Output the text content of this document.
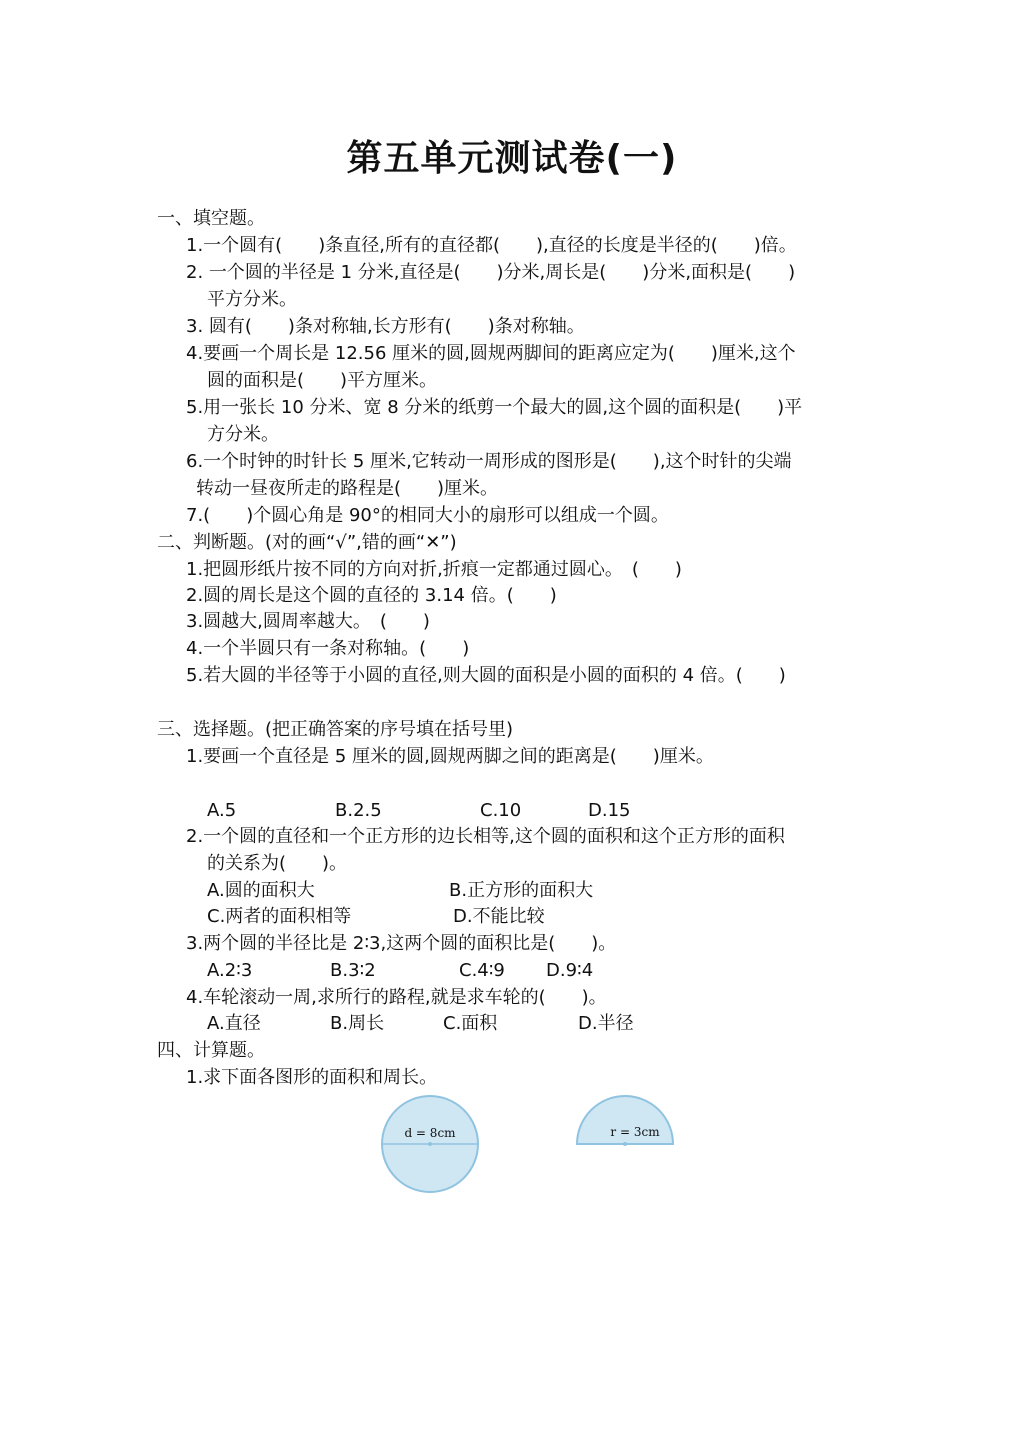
第五单元测试卷(一)
一、填空题。
1.一个圆有(　　)条直径,所有的直径都(　　),直径的长度是半径的(　　)倍。
2. 一个圆的半径是 1 分米,直径是(　　)分米,周长是(　　)分米,面积是(　　)
平方分米。
3. 圆有(　　)条对称轴,长方形有(　　)条对称轴。
4.要画一个周长是 12.56 厘米的圆,圆规两脚间的距离应定为(　　)厘米,这个
圆的面积是(　　)平方厘米。
5.用一张长 10 分米、宽 8 分米的纸剪一个最大的圆,这个圆的面积是(　　)平
方分米。
6.一个时钟的时针长 5 厘米,它转动一周形成的图形是(　　),这个时针的尖端
转动一昼夜所走的路程是(　　)厘米。
7.(　　)个圆心角是 90°的相同大小的扇形可以组成一个圆。
二、判断题。(对的画“√”,错的画“✕”)
1.把圆形纸片按不同的方向对折,折痕一定都通过圆心。　(　　)
2.圆的周长是这个圆的直径的 3.14 倍。(　　)
3.圆越大,圆周率越大。　(　　)
4.一个半圆只有一条对称轴。(　　)
5.若大圆的半径等于小圆的直径,则大圆的面积是小圆的面积的 4 倍。(　　)
三、选择题。(把正确答案的序号填在括号里)
1.要画一个直径是 5 厘米的圆,圆规两脚之间的距离是(　　)厘米。
A.5	B.2.5	C.10	D.15
2.一个圆的直径和一个正方形的边长相等,这个圆的面积和这个正方形的面积
的关系为(　　)。
A.圆的面积大	B.正方形的面积大
C.两者的面积相等	D.不能比较
3.两个圆的半径比是 2∶3,这两个圆的面积比是(　　)。
A.2∶3	B.3∶2	C.4∶9 D.9∶4
4.车轮滚动一周,求所行的路程,就是求车轮的(　　)。
A.直径	B.周长	C.面积	D.半径
四、计算题。
1.求下面各图形的面积和周长。
d = 8cm	r = 3cm
